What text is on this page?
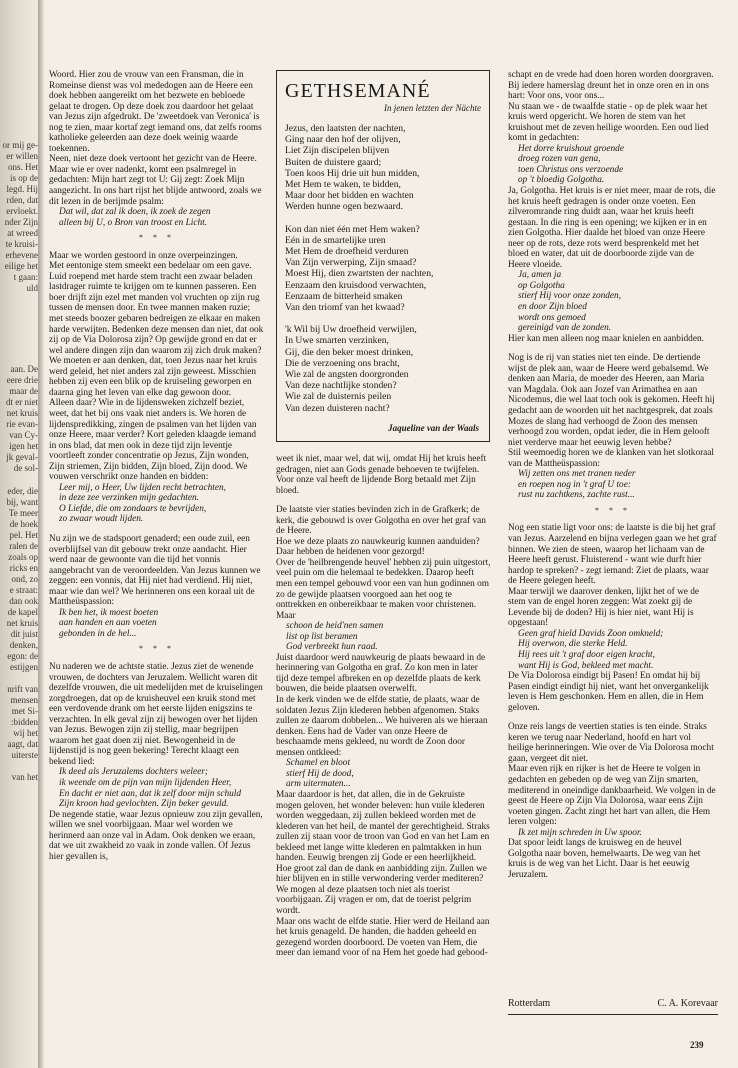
or mij ge-
er willen
ons. Het
is op de
legd. Hij
rden, dat
ervloekt.
nder Zijn
at wreed
te kruisi-
erhevene
eilige het
t gaan:
uld
aan. De
eere drie
maar de
dt er niet
net kruis
rie evan-
van Cy-
igen het
jk geval-
de sol-
eder, die
bij, want
Te meer
de hoek
pel. Het
ralen de
zoals op
ricks en
ond, zo
e straat:
dan ook
de kapel
net kruis
dit juist
denken,
egon: de
estijgen
nrift van
mensen
met Si-
:bidden
wij het
aagt, dat
uiterste
van het

Woord. Hier zou de vrouw van een Fransman, die in Romeinse dienst was vol mededogen aan de Heere een doek hebben aangereikt om het bezwete en bebloede gelaat te drogen. Op deze doek zou daardoor het gelaat van Jezus zijn afgedrukt. De 'zweetdoek van Veronica' is nog te zien, maar kortaf zegt iemand ons, dat zelfs rooms katholieke geleerden aan deze doek weinig waarde toekennen.

Neen, niet deze doek vertoont het gezicht van de Heere. Maar wie er over nadenkt, komt een psalmregel in gedachten: Mijn hart zegt tot U: Gij zegt: Zoek Mijn aangezicht. In ons hart rijst het blijde antwoord, zoals we dit lezen in de berijmde psalm:

Dat wil, dat zal ik doen, ik zoek de zegen

alleen bij U, o Bron van troost en Licht.

* * *

Maar we worden gestoord in onze overpeinzingen.

Met eentonige stem smeekt een bedelaar om een gave. Luid roepend met harde stem tracht een zwaar beladen lastdrager ruimte te krijgen om te kunnen passeren. Een boer drijft zijn ezel met manden vol vruchten op zijn rug tussen de mensen door. En twee mannen maken ruzie; met steeds boozer gebaren bedreigen ze elkaar en maken harde verwijten. Bedenken deze mensen dan niet, dat ook zij op de Via Dolorosa zijn? Op gewijde grond en dat er wel andere dingen zijn dan waarom zij zich druk maken?

We moeten er aan denken, dat, toen Jezus naar het kruis werd geleid, het niet anders zal zijn geweest. Misschien hebben zij even een blik op de kruiseling geworpen en daarna ging het leven van elke dag gewoon door.

Alleen daar? Wie in de lijdensweken zichzelf beziet, weet, dat het bij ons vaak niet anders is. We horen de lijdenspredikking, zingen de psalmen van het lijden van onze Heere, maar verder? Kort geleden klaagde iemand in ons blad, dat men ook in deze tijd zijn leventje voortleeft zonder concentratie op Jezus, Zijn wonden, Zijn striemen, Zijn bidden, Zijn bloed, Zijn dood. We vouwen verschrikt onze handen en bidden:

Leer mij, o Heer, Uw lijden recht betrachten,

in deze zee verzinken mijn gedachten.

O Liefde, die om zondaars te bevrijden,

zo zwaar woudt lijden.

Nu zijn we de stadspoort genaderd; een oude zuil, een overblijfsel van dit gebouw trekt onze aandacht. Hier werd naar de gewoonte van die tijd het vonnis aangebracht van de veroordeelden. Van Jezus kunnen we zeggen: een vonnis, dat Hij niet had verdiend. Hij niet, maar wie dan wel? We herinneren ons een koraal uit de Mattheüspassion:

Ik ben het, ik moest boeten

aan handen en aan voeten

gebonden in de hel...

* * *

Nu naderen we de achtste statie. Jezus ziet de wenende vrouwen, de dochters van Jeruzalem. Wellicht waren dit dezelfde vrouwen, die uit medelijden met de kruiselingen zorgdroegen, dat op de kruisheuvel een kruik stond met een verdovende drank om het eerste lijden enigszins te verzachten. In elk geval zijn zij bewogen over het lijden van Jezus. Bewogen zijn zij stellig, maar begrijpen waarom het gaat doen zij niet. Bewogenheid in de lijdenstijd is nog geen bekering! Terecht klaagt een bekend lied:

Ik deed als Jeruzalems dochters weleer;

ik weende om de pijn van mijn lijdenden Heer,

En dacht er niet aan, dat ik zelf door mijn schuld

Zijn kroon had gevlochten. Zijn beker gevuld.

De negende statie, waar Jezus opnieuw zou zijn gevallen, willen we snel voorbijgaan. Maar wel worden we herinnerd aan onze val in Adam. Ook denken we eraan, dat we uit zwakheid zo vaak in zonde vallen. Of Jezus hier gevallen is,

GETHSEMANÉ
In jenen letzten der Nächte

Jezus, den laatsten der nachten,

Ging naar den hof der olijven,

Liet Zijn discipelen blijven

Buiten de duistere gaard;

Toen koos Hij drie uit hun midden,

Met Hem te waken, te bidden,

Maar door het bidden en wachten

Werden hunne ogen bezwaard.

Kon dan niet één met Hem waken?

Eén in de smartelijke uren

Met Hem de droefheid verduren

Van Zijn verwerping, Zijn smaad?

Moest Hij, dien zwartsten der nachten,

Eenzaam den kruisdood verwachten,

Eenzaam de bitterheid smaken

Van den triomf van het kwaad?

'k Wil bij Uw droefheid verwijlen,

In Uwe smarten verzinken,

Gij, die den beker moest drinken,

Die de verzoening ons bracht,

Wie zal de angsten doorgronden

Van deze nachtlijke stonden?

Wie zal de duisternis peilen

Van dezen duisteren nacht?

Jaqueline van der Waals

weet ik niet, maar wel, dat wij, omdat Hij het kruis heeft gedragen, niet aan Gods genade behoeven te twijfelen. Voor onze val heeft de lijdende Borg betaald met Zijn bloed.

De laatste vier staties bevinden zich in de Grafkerk; de kerk, die gebouwd is over Golgotha en over het graf van de Heere.

Hoe we deze plaats zo nauwkeurig kunnen aanduiden?

Daar hebben de heidenen voor gezorgd!

Over de 'heilbrengende heuvel' hebben zij puin uitgestort, veel puin om die helemaal te bedekken. Daarop heeft men een tempel gebouwd voor een van hun godinnen om zo de gewijde plaatsen voorgoed aan het oog te onttrekken en onbereikbaar te maken voor christenen. Maar

schoon de heid'nen samen

list op list beramen

God verbreekt hun raad.

Juist daardoor werd nauwkeurig de plaats bewaard in de herinnering van Golgotha en graf. Zo kon men in later tijd deze tempel afbreken en op dezelfde plaats de kerk bouwen, die beide plaatsen overwelft.

In de kerk vinden we de elfde statie, de plaats, waar de soldaten Jezus Zijn klederen hebben afgenomen. Staks zullen ze daarom dobbelen... We huiveren als we hieraan denken. Eens had de Vader van onze Heere de beschaamde mens gekleed, nu wordt de Zoon door mensen ontkleed:

Schamel en bloot

stierf Hij de dood,

arm uitermaten...

Maar daardoor is het, dat allen, die in de Gekruiste mogen geloven, het wonder beleven: hun vuile klederen worden weggedaan, zij zullen bekleed worden met de klederen van het heil, de mantel der gerechtigheid. Straks zullen zij staan voor de troon van God en van het Lam en bekleed met lange witte klederen en palmtakken in hun handen. Eeuwig brengen zij Gode er een heerlijkheid. Hoe groot zal dan de dank en aanbidding zijn. Zullen we hier blijven en in stille verwondering verder mediteren? We mogen al deze plaatsen toch niet als toerist voorbijgaan. Zij vragen er om, dat de toerist pelgrim wordt.

Maar ons wacht de elfde statie. Hier werd de Heiland aan het kruis genageld. De handen, die hadden geheeld en gezegend worden doorboord. De voeten van Hem, die meer dan iemand voor of na Hem het goede had gebood-

schapt en de vrede had doen horen worden doorgraven. Bij iedere hamerslag dreunt het in onze oren en in ons hart: Voor ons, voor ons...

Nu staan we - de twaalfde statie - op de plek waar het kruis werd opgericht. We horen de stem van het kruishout met de zeven heilige woorden. Een oud lied komt in gedachten:

Het dorre kruishout groende

droeg rozen van gena,

toen Christus ons verzoende

op 't bloedig Golgotha.

Ja, Golgotha. Het kruis is er niet meer, maar de rots, die het kruis heeft gedragen is onder onze voeten. Een zilveromrande ring duidt aan, waar het kruis heeft gestaan. In die ring is een opening; we kijken er in en zien Golgotha. Hier daalde het bloed van onze Heere neer op de rots, deze rots werd besprenkeld met het bloed en water, dat uit de doorboorde zijde van de Heere vloeide.

Ja, amen ja

op Golgotha

stierf Hij voor onze zonden,

en door Zijn bloed

wordt ons gemoed

gereinigd van de zonden.

Hier kan men alleen nog maar knielen en aanbidden.

Nog is de rij van staties niet ten einde. De dertiende wijst de plek aan, waar de Heere werd gebalsemd. We denken aan Maria, de moeder des Heeren, aan Maria van Magdala. Ook aan Jozef van Arimathea en aan Nicodemus, die wel laat toch ook is gekomen. Heeft hij gedacht aan de woorden uit het nachtgesprek, dat zoals Mozes de slang had verhoogd de Zoon des mensen verhoogd zou worden, opdat ieder, die in Hem gelooft niet verderve maar het eeuwig leven hebbe?

Stil weemoedig horen we de klanken van het slotkoraal van de Mattheüspassion:

Wij zetten ons met tranen neder

en roepen nog in 't graf U toe:

rust nu zachtkens, zachte rust...

* * *

Nog een statie ligt voor ons: de laatste is die bij het graf van Jezus. Aarzelend en bijna verlegen gaan we het graf binnen. We zien de steen, waarop het lichaam van de Heere heeft gerust. Fluisterend - want wie durft hier hardop te spreken? - zegt iemand: Ziet de plaats, waar de Heere gelegen heeft.

Maar terwijl we daarover denken, lijkt het of we de stem van de engel horen zeggen: Wat zoekt gij de Levende bij de doden? Hij is hier niet, want Hij is opgestaan!

Geen graf hield Davids Zoon omkneld;

Hij overwon, die sterke Held.

Hij rees uit 't graf door eigen kracht,

want Hij is God, bekleed met macht.

De Via Dolorosa eindigt bij Pasen! En omdat hij bij Pasen eindigt eindigt hij niet, want het onvergankelijk leven is Hem geschonken. Hem en allen, die in Hem geloven.

Onze reis langs de veertien staties is ten einde. Straks keren we terug naar Nederland, hoofd en hart vol heilige herinneringen. Wie over de Via Dolorosa mocht gaan, vergeet dit niet.

Maar even rijk en rijker is het de Heere te volgen in gedachten en gebeden op de weg van Zijn smarten, mediterend in oneindige dankbaarheid. We volgen in de geest de Heere op Zijn Via Dolorosa, waar eens Zijn voeten gingen. Zacht zingt het hart van allen, die Hem leren volgen:

Ik zet mijn schreden in Uw spoor.

Dat spoor leidt langs de kruisweg en de heuvel Golgotha naar boven, hemelwaarts. De weg van het kruis is de weg van het Licht. Daar is het eeuwig Jeruzalem.

Rotterdam	C. A. Korevaar
239
